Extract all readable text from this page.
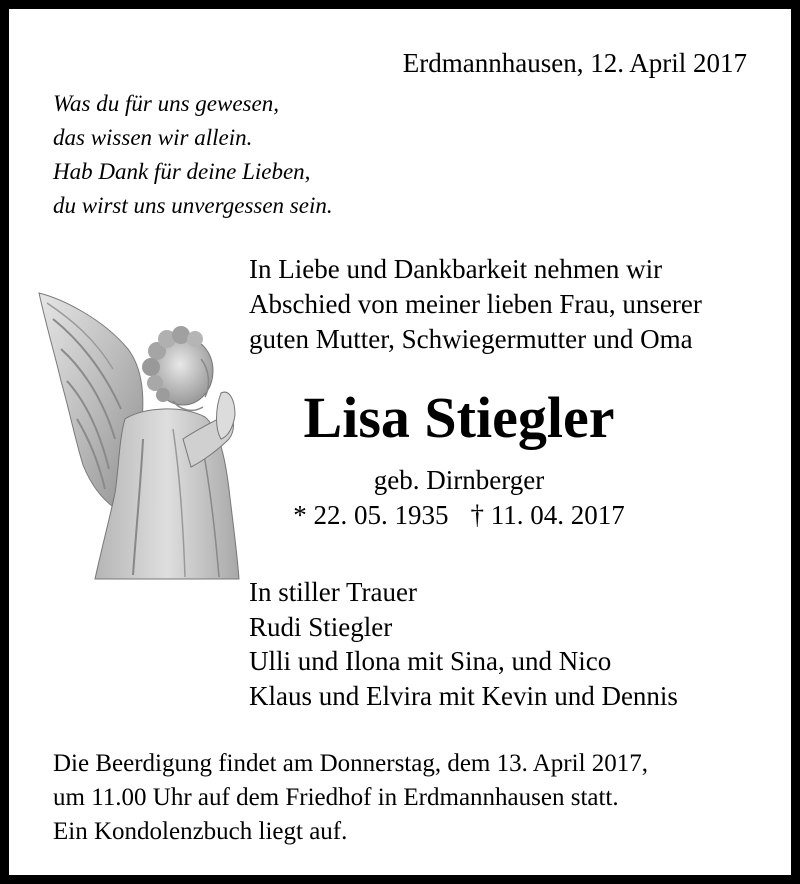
Erdmannhausen, 12. April 2017
Was du für uns gewesen,
das wissen wir allein.
Hab Dank für deine Lieben,
du wirst uns unvergessen sein.
In Liebe und Dankbarkeit nehmen wir
Abschied von meiner lieben Frau, unserer
guten Mutter, Schwiegermutter und Oma
Lisa Stiegler
geb. Dirnberger
* 22. 05. 1935 † 11. 04. 2017
In stiller Trauer
Rudi Stiegler
Ulli und Ilona mit Sina, und Nico
Klaus und Elvira mit Kevin und Dennis
Die Beerdigung findet am Donnerstag, dem 13. April 2017,
um 11.00 Uhr auf dem Friedhof in Erdmannhausen statt.
Ein Kondolenzbuch liegt auf.
